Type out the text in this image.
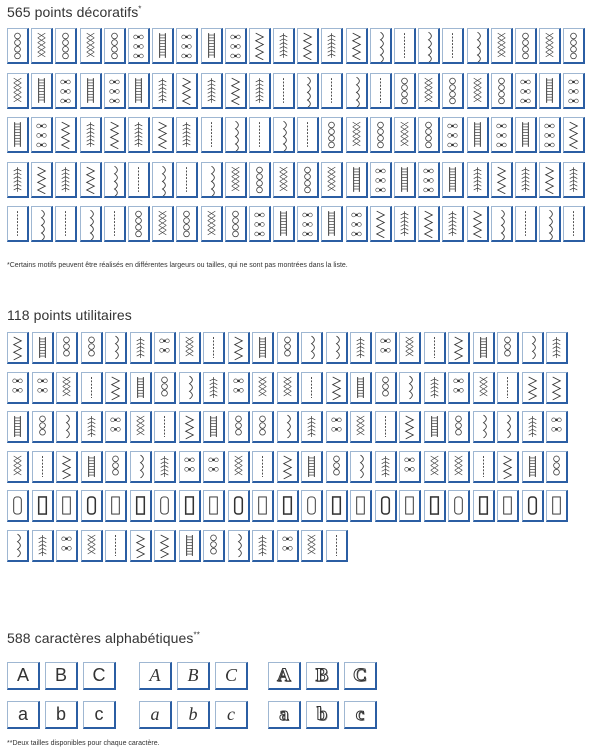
565 points décoratifs*
*Certains motifs peuvent être réalisés en différentes largeurs ou tailles, qui ne sont pas montrées dans la liste.
118 points utilitaires
588 caractères alphabétiques**
A B C
a b c
A B C
a b c
A B C
a b c
**Deux tailles disponibles pour chaque caractère.
